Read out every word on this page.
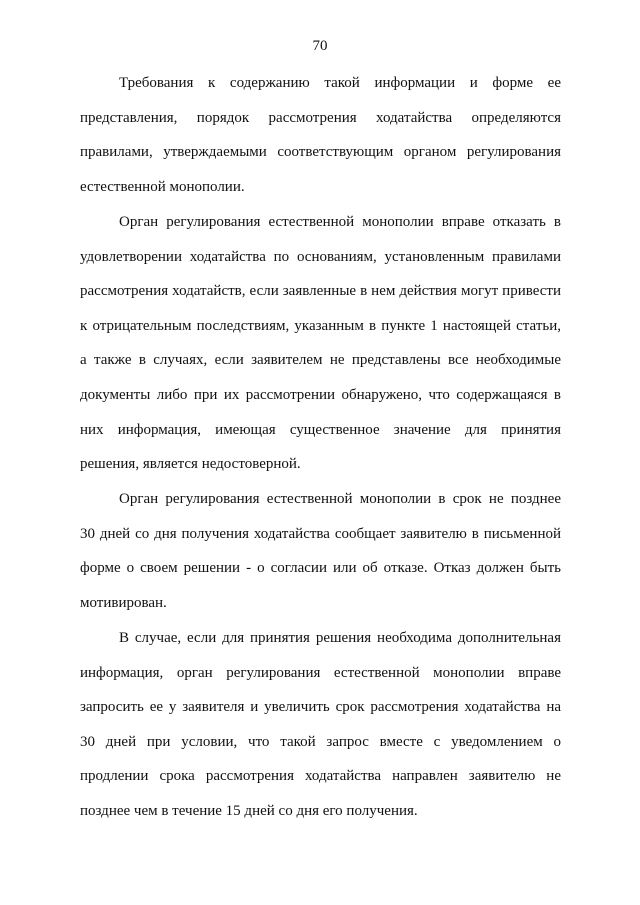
70
Требования к содержанию такой информации и форме ее
представления, порядок рассмотрения ходатайства определяются
правилами, утверждаемыми соответствующим органом регулирования
естественной монополии.
Орган регулирования естественной монополии вправе отказать в
удовлетворении ходатайства по основаниям, установленным правилами
рассмотрения ходатайств, если заявленные в нем действия могут привести
к отрицательным последствиям, указанным в пункте 1 настоящей статьи,
а также в случаях, если заявителем не представлены все необходимые
документы либо при их рассмотрении обнаружено, что содержащаяся в
них информация, имеющая существенное значение для принятия
решения, является недостоверной.
Орган регулирования естественной монополии в срок не позднее
30 дней со дня получения ходатайства сообщает заявителю в письменной
форме о своем решении - о согласии или об отказе. Отказ должен быть
мотивирован.
В случае, если для принятия решения необходима дополнительная
информация, орган регулирования естественной монополии вправе
запросить ее у заявителя и увеличить срок рассмотрения ходатайства на
30 дней при условии, что такой запрос вместе с уведомлением о
продлении срока рассмотрения ходатайства направлен заявителю не
позднее чем в течение 15 дней со дня его получения.
